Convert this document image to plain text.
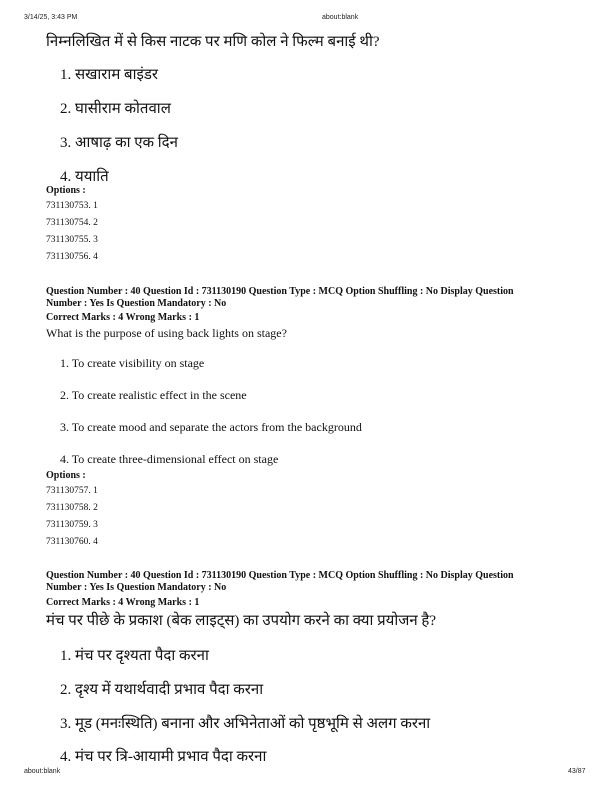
3/14/25, 3:43 PM	about:blank
निम्नलिखित में से किस नाटक पर मणि कोल ने फिल्म बनाई थी?
1. सखाराम बाइंडर
2. घासीराम कोतवाल
3. आषाढ़ का एक दिन
4. ययाति
Options :
731130753. 1
731130754. 2
731130755. 3
731130756. 4
Question Number : 40 Question Id : 731130190 Question Type : MCQ Option Shuffling : No Display Question
Number : Yes Is Question Mandatory : No
Correct Marks : 4 Wrong Marks : 1
What is the purpose of using back lights on stage?
1. To create visibility on stage
2. To create realistic effect in the scene
3. To create mood and separate the actors from the background
4. To create three-dimensional effect on stage
Options :
731130757. 1
731130758. 2
731130759. 3
731130760. 4
Question Number : 40 Question Id : 731130190 Question Type : MCQ Option Shuffling : No Display Question
Number : Yes Is Question Mandatory : No
Correct Marks : 4 Wrong Marks : 1
मंच पर पीछे के प्रकाश (बेक लाइट्स) का उपयोग करने का क्या प्रयोजन है?
1. मंच पर दृश्यता पैदा करना
2. दृश्य में यथार्थवादी प्रभाव पैदा करना
3. मूड (मनःस्थिति) बनाना और अभिनेताओं को पृष्ठभूमि से अलग करना
4. मंच पर त्रि-आयामी प्रभाव पैदा करना
about:blank	43/87
